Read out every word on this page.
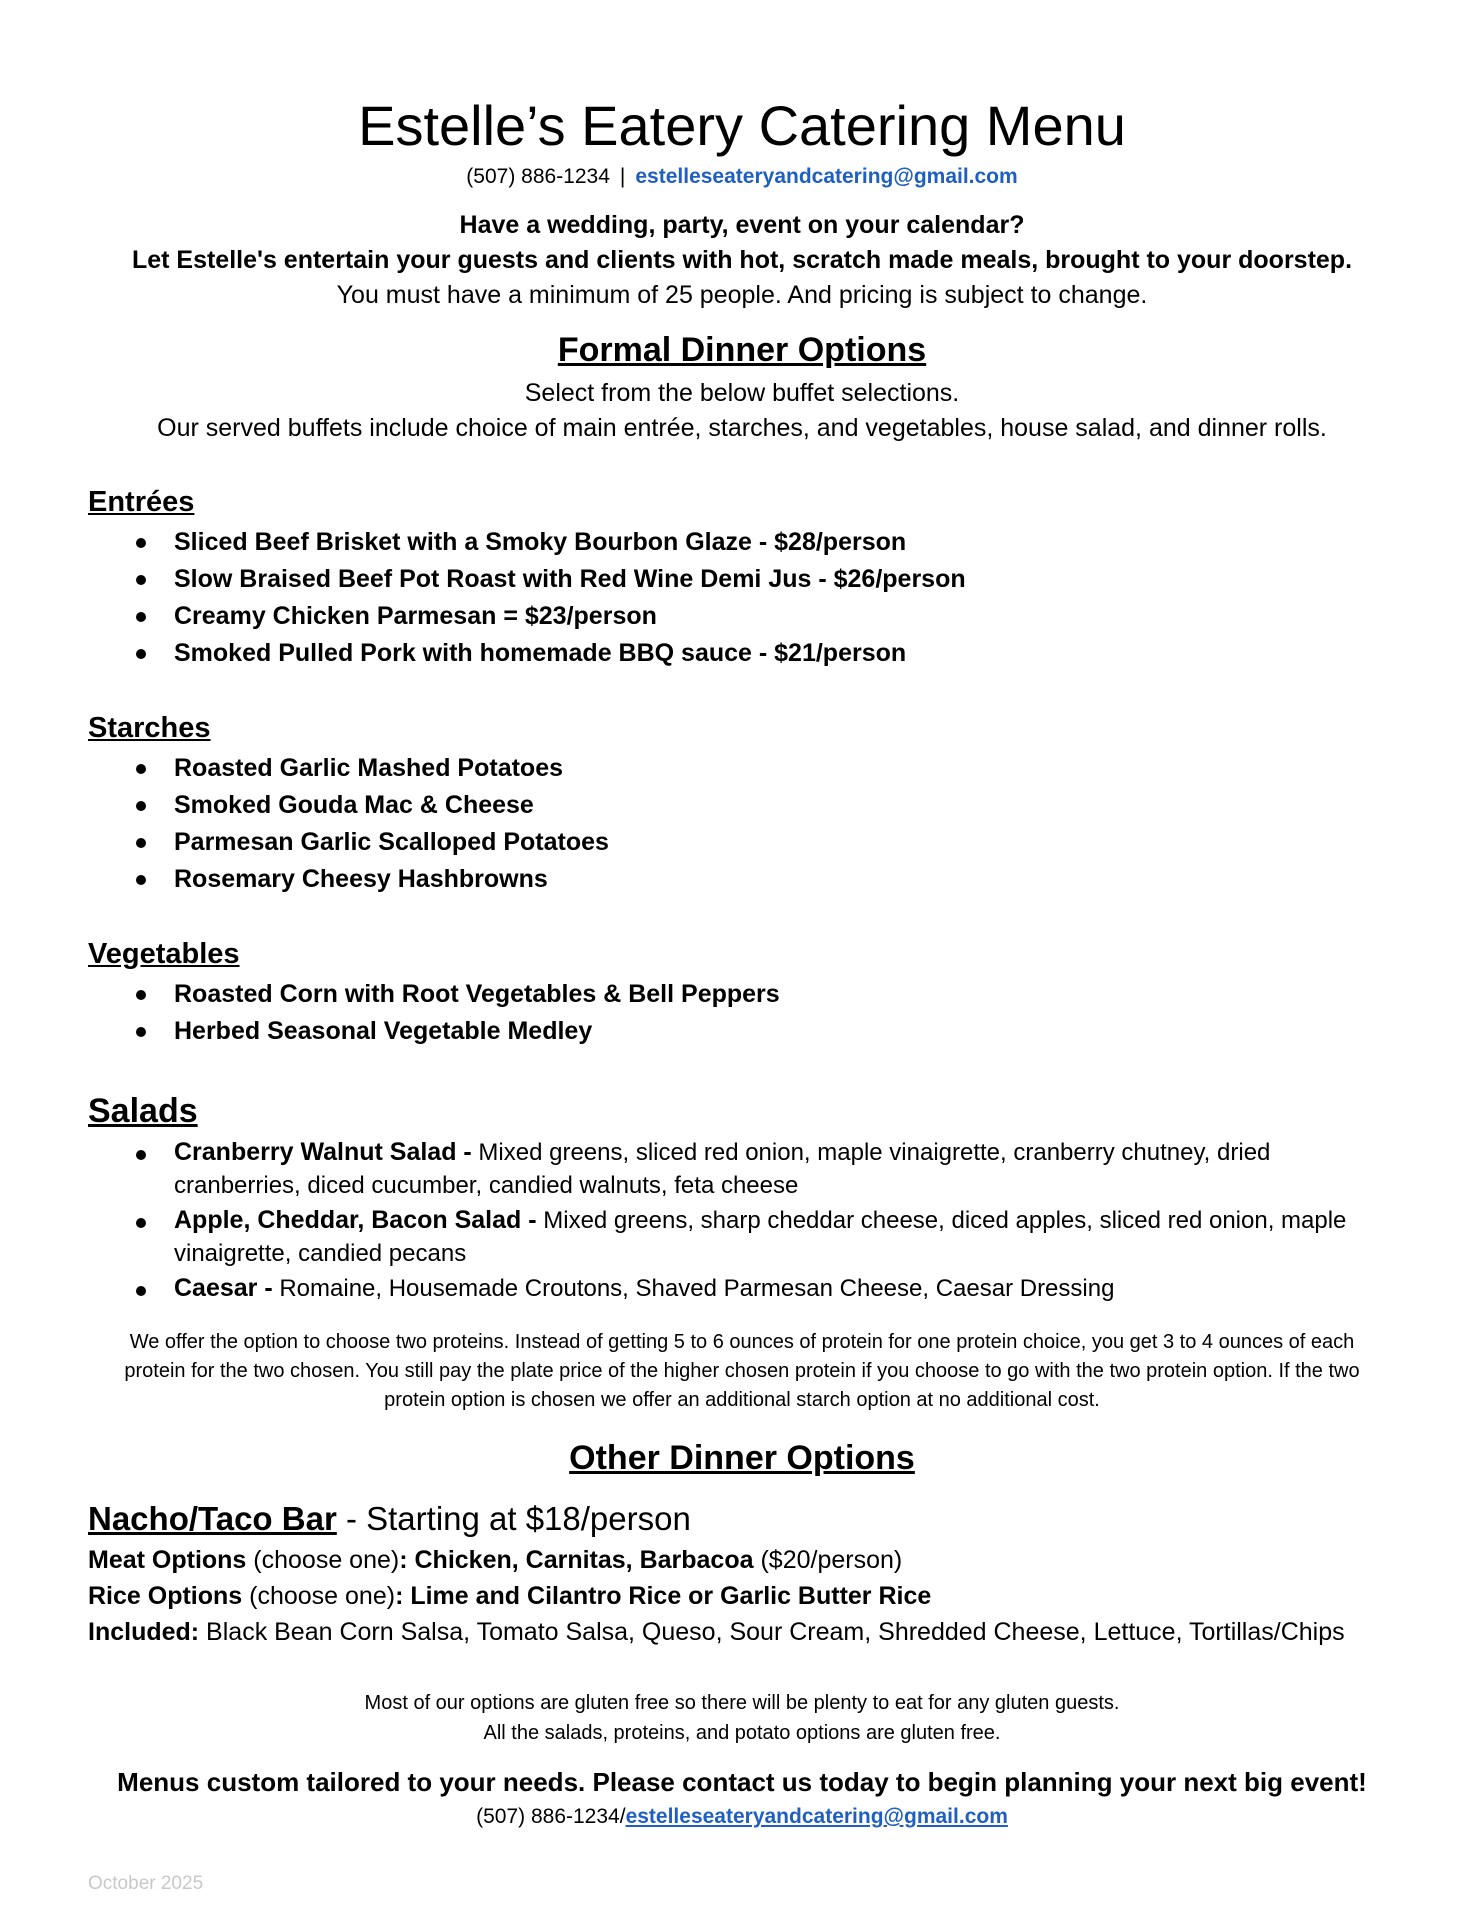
Estelle’s Eatery Catering Menu
(507) 886-1234 | estelleseateryandcatering@gmail.com
Have a wedding, party, event on your calendar?
Let Estelle's entertain your guests and clients with hot, scratch made meals, brought to your doorstep.
You must have a minimum of 25 people. And pricing is subject to change.
Formal Dinner Options
Select from the below buffet selections.
Our served buffets include choice of main entrée, starches, and vegetables, house salad, and dinner rolls.
Entrées
Sliced Beef Brisket with a Smoky Bourbon Glaze - $28/person
Slow Braised Beef Pot Roast with Red Wine Demi Jus - $26/person
Creamy Chicken Parmesan = $23/person
Smoked Pulled Pork with homemade BBQ sauce - $21/person
Starches
Roasted Garlic Mashed Potatoes
Smoked Gouda Mac & Cheese
Parmesan Garlic Scalloped Potatoes
Rosemary Cheesy Hashbrowns
Vegetables
Roasted Corn with Root Vegetables & Bell Peppers
Herbed Seasonal Vegetable Medley
Salads
Cranberry Walnut Salad - Mixed greens, sliced red onion, maple vinaigrette, cranberry chutney, dried cranberries, diced cucumber, candied walnuts, feta cheese
Apple, Cheddar, Bacon Salad - Mixed greens, sharp cheddar cheese, diced apples, sliced red onion, maple vinaigrette, candied pecans
Caesar - Romaine, Housemade Croutons, Shaved Parmesan Cheese, Caesar Dressing
We offer the option to choose two proteins. Instead of getting 5 to 6 ounces of protein for one protein choice, you get 3 to 4 ounces of each protein for the two chosen. You still pay the plate price of the higher chosen protein if you choose to go with the two protein option. If the two protein option is chosen we offer an additional starch option at no additional cost.
Other Dinner Options
Nacho/Taco Bar - Starting at $18/person
Meat Options (choose one): Chicken, Carnitas, Barbacoa ($20/person)
Rice Options (choose one): Lime and Cilantro Rice or Garlic Butter Rice
Included: Black Bean Corn Salsa, Tomato Salsa, Queso, Sour Cream, Shredded Cheese, Lettuce, Tortillas/Chips
Most of our options are gluten free so there will be plenty to eat for any gluten guests.
All the salads, proteins, and potato options are gluten free.
Menus custom tailored to your needs. Please contact us today to begin planning your next big event!
(507) 886-1234/estelleseateryandcatering@gmail.com
October 2025
